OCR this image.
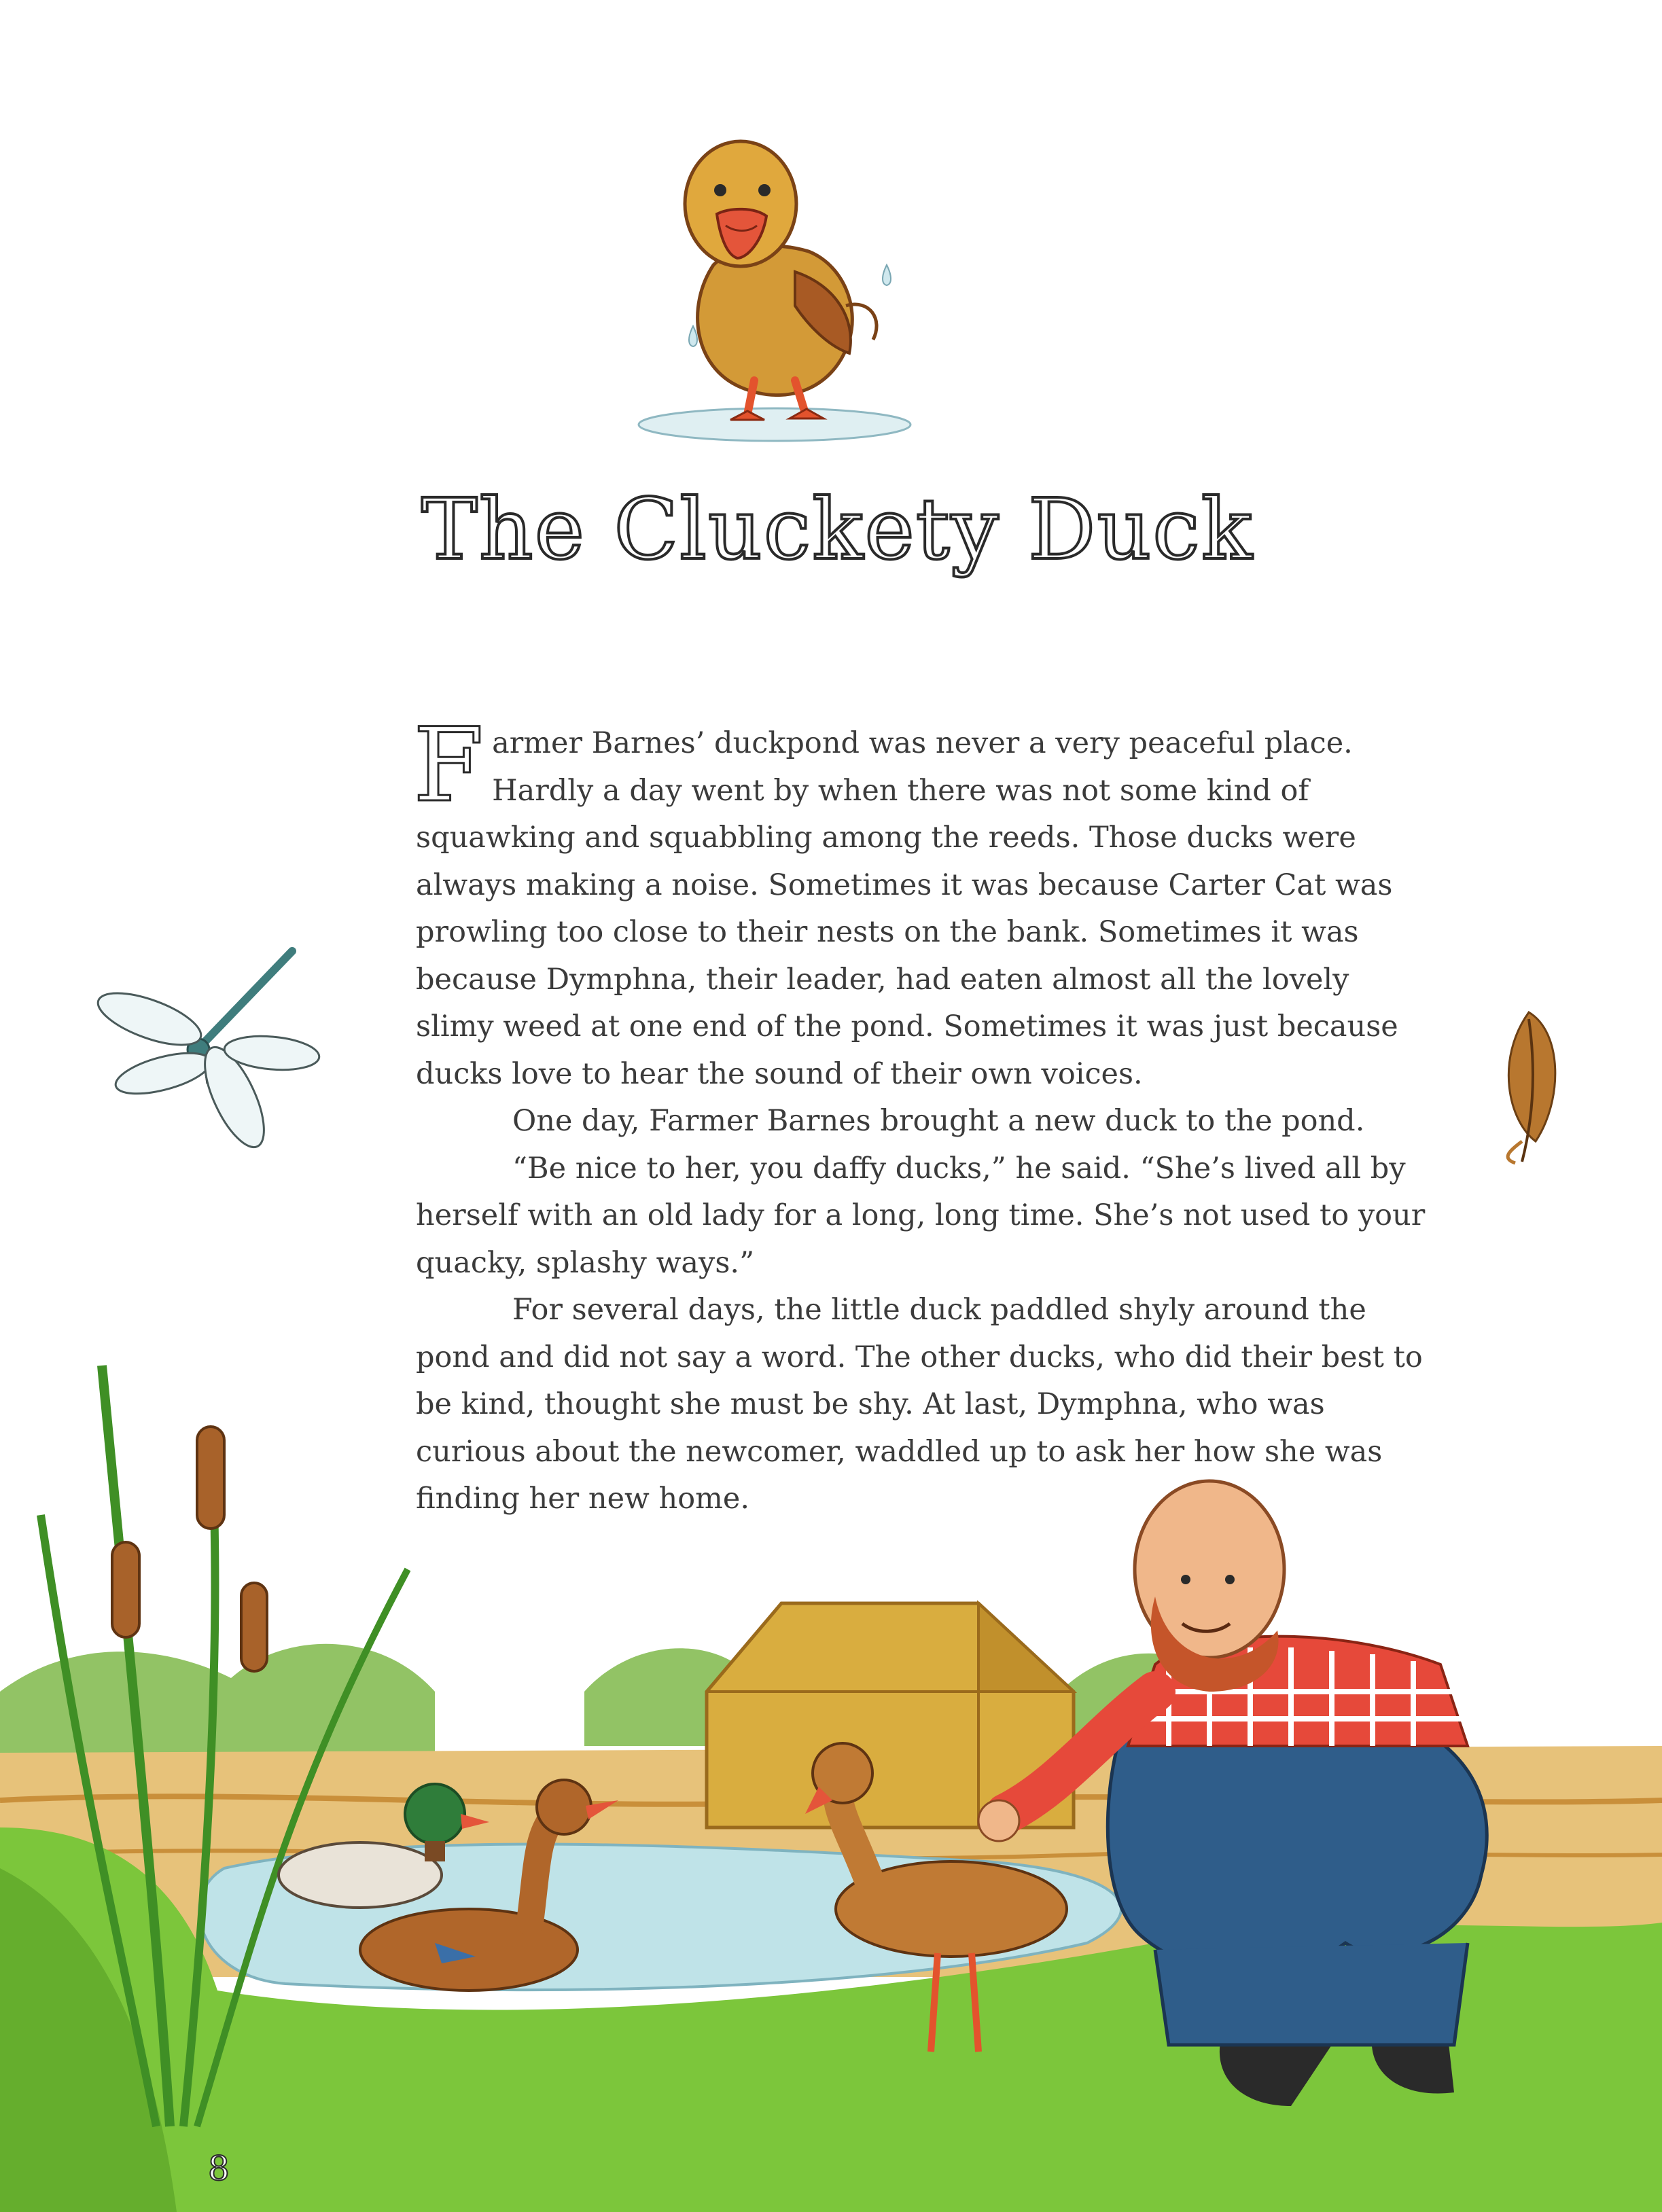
The Cluckety Duck

Farmer Barnes’ duckpond was never a very peaceful place. Hardly a day went by when there was not some kind of squawking and squabbling among the reeds. Those ducks were always making a noise. Sometimes it was because Carter Cat was prowling too close to their nests on the bank. Sometimes it was because Dymphna, their leader, had eaten almost all the lovely slimy weed at one end of the pond. Sometimes it was just because ducks love to hear the sound of their own voices.

One day, Farmer Barnes brought a new duck to the pond.

“Be nice to her, you daffy ducks,” he said. “She’s lived all by herself with an old lady for a long, long time. She’s not used to your quacky, splashy ways.”

For several days, the little duck paddled shyly around the pond and did not say a word. The other ducks, who did their best to be kind, thought she must be shy. At last, Dymphna, who was curious about the newcomer, waddled up to ask her how she was finding her new home.

8
